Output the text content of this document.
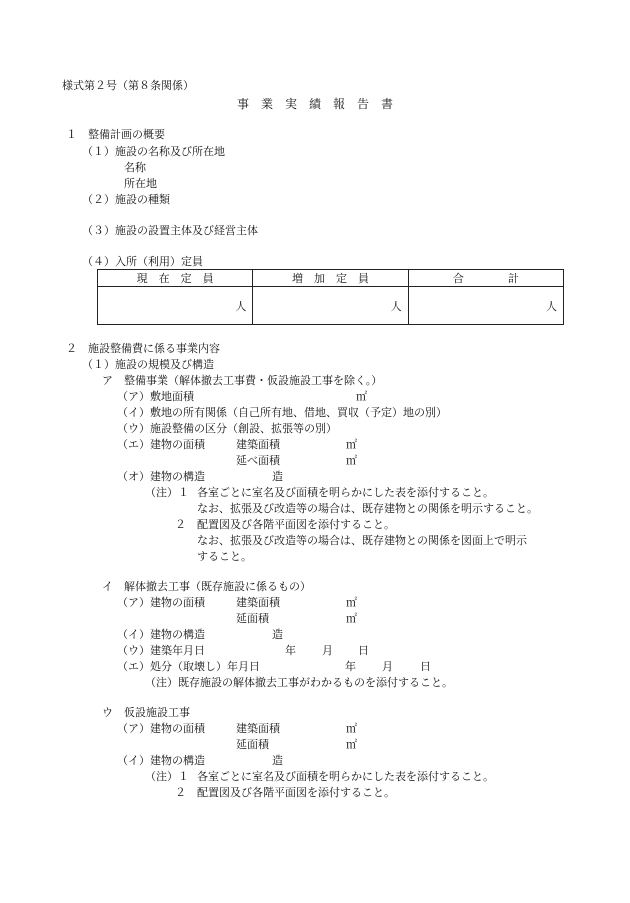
様式第２号（第８条関係）
事　業　実　績　報　告　書
１　整備計画の概要
（１）施設の名称及び所在地
名称
所在地
（２）施設の種類
（３）施設の設置主体及び経営主体
（４）入所（利用）定員
現　在　定　員	増　加　定　員	合　　　　計
人	人	人
２　施設整備費に係る事業内容
（１）施設の規模及び構造
ア　整備事業（解体撤去工事費・仮設施設工事を除く。）
（ア）敷地面積	㎡
（イ）敷地の所有関係（自己所有地、借地、買収（予定）地の別）
（ウ）施設整備の区分（創設、拡張等の別）
（エ）建物の面積	建築面積	㎡
延べ面積	㎡
（オ）建物の構造	造
（注）１ 各室ごとに室名及び面積を明らかにした表を添付すること。
なお、拡張及び改造等の場合は、既存建物との関係を明示すること。
２ 配置図及び各階平面図を添付すること。
なお、拡張及び改造等の場合は、既存建物との関係を図面上で明示
すること。
イ　解体撤去工事（既存施設に係るもの）
（ア）建物の面積	建築面積	㎡
延面積	㎡
（イ）建物の構造	造
（ウ）建築年月日	年 月 日
（エ）処分（取壊し）年月日	年 月 日
（注）既存施設の解体撤去工事がわかるものを添付すること。
ウ　仮設施設工事
（ア）建物の面積	建築面積	㎡
延面積	㎡
（イ）建物の構造	造
（注）１ 各室ごとに室名及び面積を明らかにした表を添付すること。
２ 配置図及び各階平面図を添付すること。
